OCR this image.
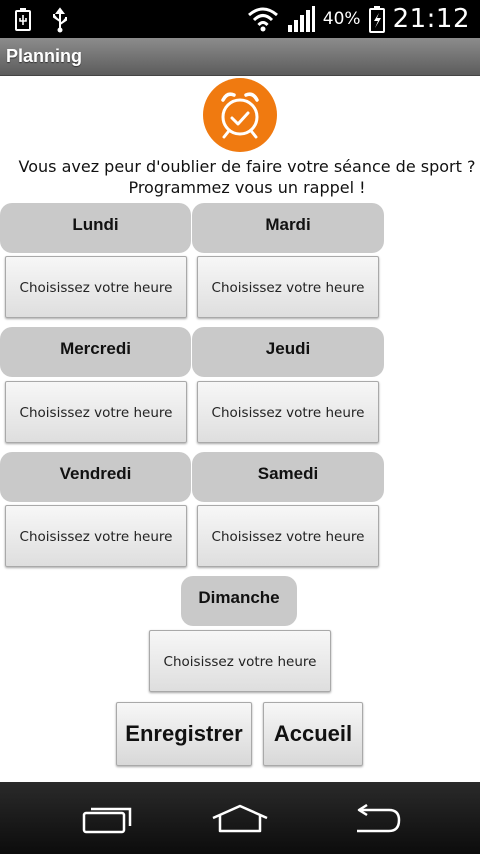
40% 21:12
Planning
Vous avez peur d'oublier de faire votre séance de sport ?
Programmez vous un rappel !
Lundi	Mardi
Choisissez votre heure	Choisissez votre heure
Mercredi	Jeudi
Choisissez votre heure	Choisissez votre heure
Vendredi	Samedi
Choisissez votre heure	Choisissez votre heure
Dimanche
Choisissez votre heure
Enregistrer	Accueil
